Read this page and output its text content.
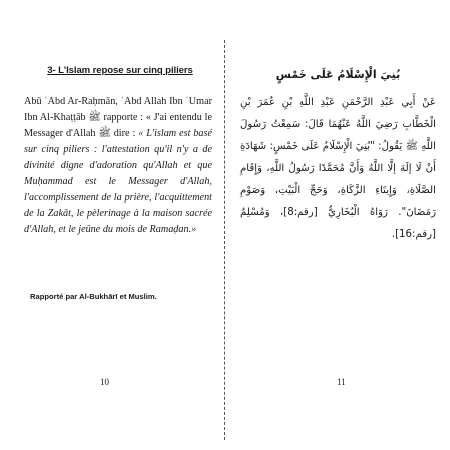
3- L'Islam repose sur cinq piliers
Abū ʿAbd Ar-Raḥmān, ʿAbd Allah Ibn ʿUmar Ibn Al-Khaṭṭāb ﷺ rapporte : « J'ai entendu le Messager d'Allah ﷺ dire : « L'islam est basé sur cinq piliers : l'attestation qu'il n'y a de divinité digne d'adoration qu'Allah et que Muḥammad est le Messager d'Allah, l'accomplissement de la prière, l'acquittement de la Zakāt, le pèlerinage à la maison sacrée d'Allah, et le jeûne du mois de Ramaḍan.»
Rapporté par Al-Bukhārī et Muslim.
10
بُنِيَ الْإِسْلَامُ عَلَى خَمْسٍ
عَنْ أَبِي عَبْدِ الرَّحْمَنِ عَبْدِ اللَّهِ بْنِ عُمَرَ بْنِ الْخَطَّابِ رَضِيَ اللَّهُ عَنْهُمَا قَالَ: سَمِعْتُ رَسُولَ اللَّهِ ﷺ يَقُولُ: "بُنِيَ الْإِسْلَامُ عَلَى خَمْسٍ: شَهَادَةِ أَنْ لَا إلَهَ إلَّا اللَّهُ وَأَنَّ مُحَمَّدًا رَسُولُ اللَّهِ، وَإِقَامِ الصَّلَاةِ، وَإِيتَاءِ الزَّكَاةِ، وَحَجِّ الْبَيْتِ، وَصَوْمِ رَمَضَانَ". رَوَاهُ الْبُخَارِيُّ [رقم:8]، وَمُسْلِمٌ [رقم:16].
11
